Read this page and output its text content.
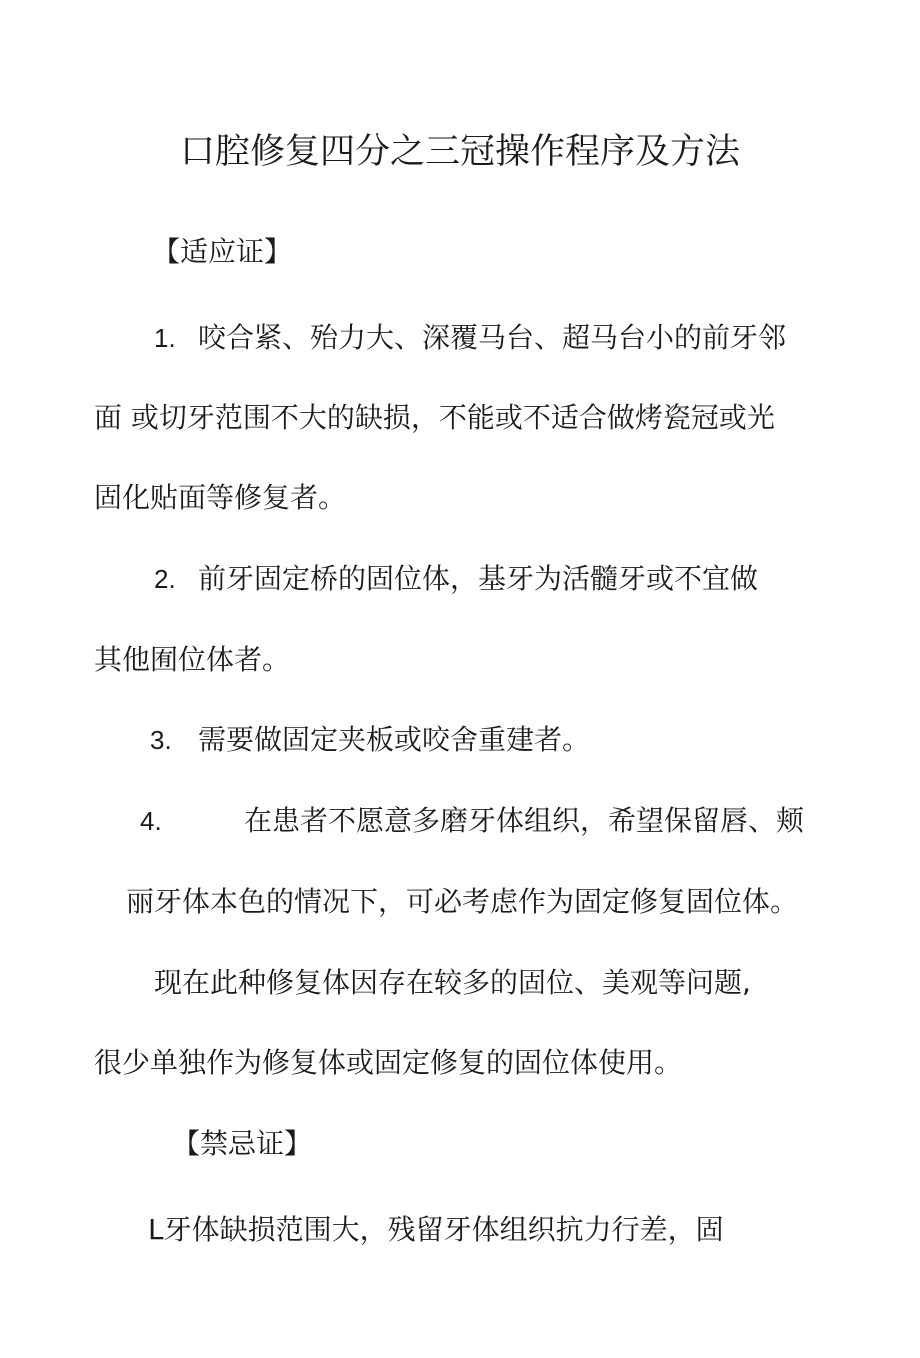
口腔修复四分之三冠操作程序及方法
【适应证】
1. 咬合紧、殆力大、深覆马台、超马台小的前牙邻
面 或切牙范围不大的缺损，不能或不适合做烤瓷冠或光
固化贴面等修复者。
2. 前牙固定桥的固位体，基牙为活髓牙或不宜做
其他囿位体者。
3. 需要做固定夹板或咬舍重建者。
4.	在患者不愿意多磨牙体组织，希望保留唇、颊
丽牙体本色的情况下，可必考虑作为固定修复固位体。
现在此种修复体因存在较多的固位、美观等问题,
很少单独作为修复体或固定修复的固位体使用。
【禁忌证】
L牙体缺损范围大，残留牙体组织抗力行差，固
